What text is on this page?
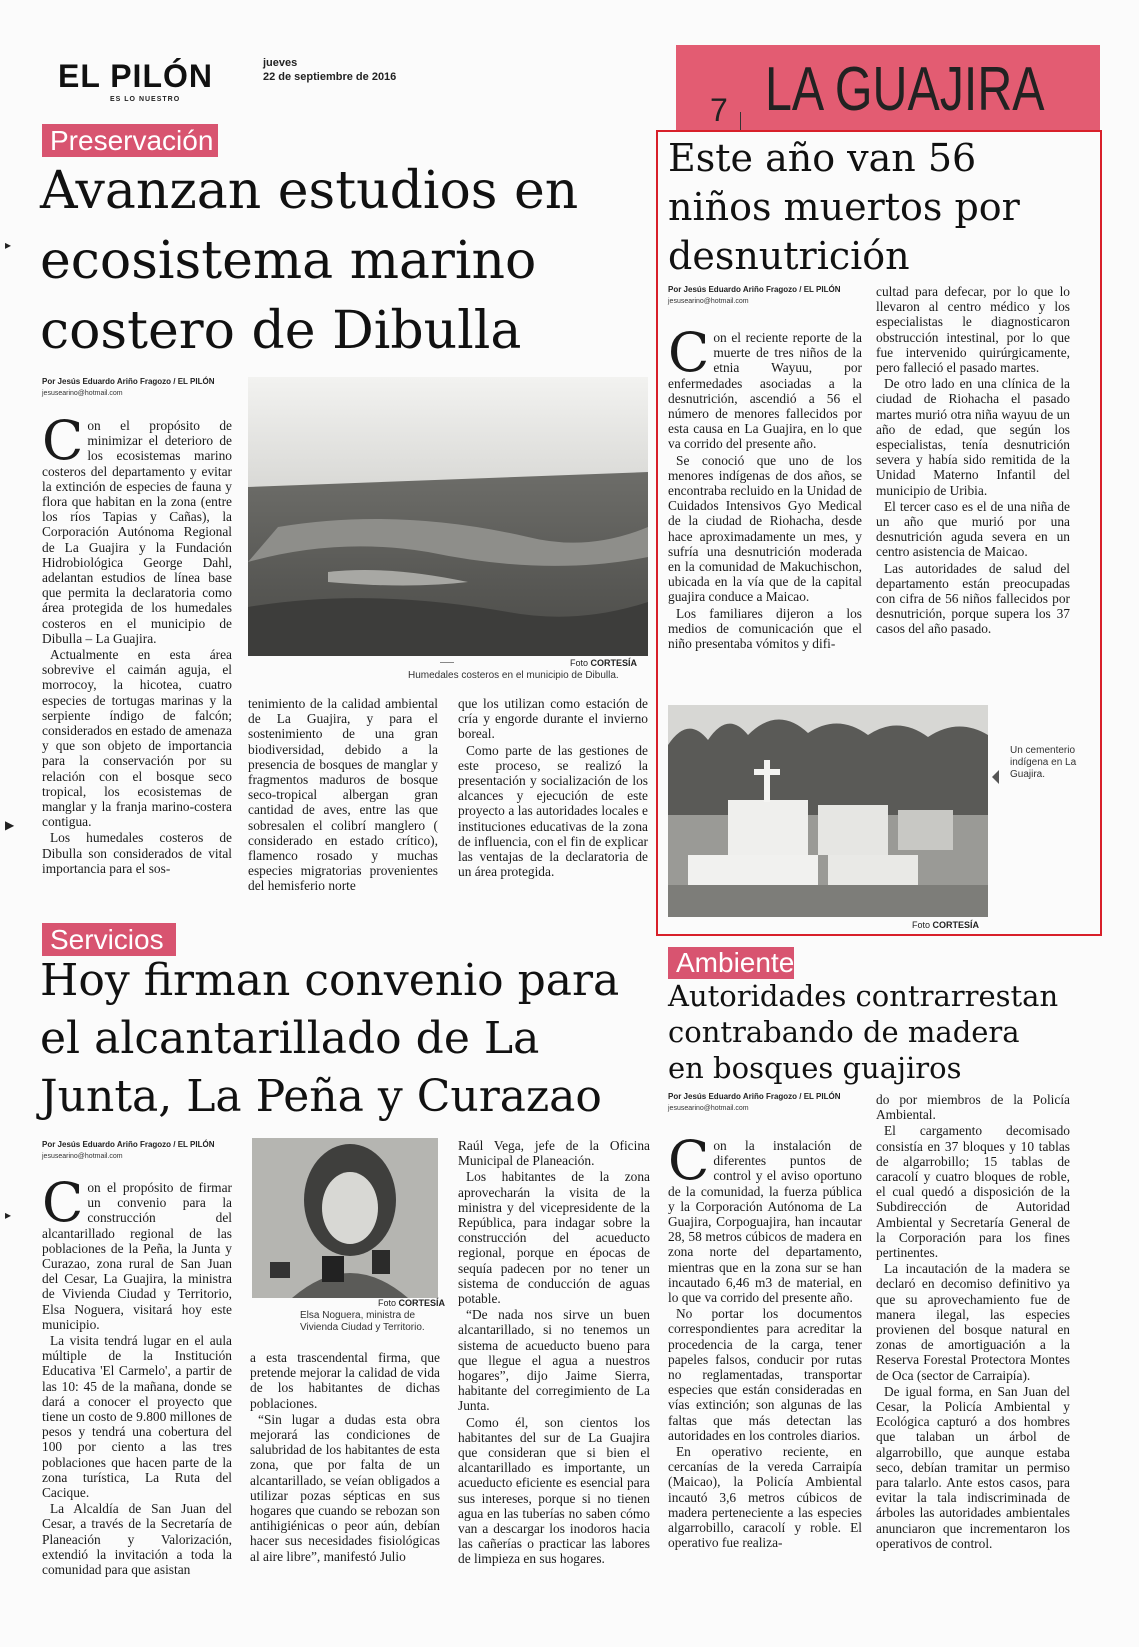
EL PILÓN
ES LO NUESTRO
jueves
22 de septiembre de 2016
7 LA GUAJIRA
Preservación
Avanzan estudios en
ecosistema marino
costero de Dibulla
Por Jesús Eduardo Ariño Fragozo / EL PILÓN
jesusearino@hotmail.com

Con el propósito de minimizar el deterioro de los ecosistemas marino costeros del departamento y evitar la extinción de especies de fauna y flora que habitan en la zona (entre los ríos Tapias y Cañas), la Corporación Autónoma Regional de La Guajira y la Fundación Hidrobiológica George Dahl, adelantan estudios de línea base que permita la declaratoria como área protegida de los humedales costeros en el municipio de Dibulla – La Guajira.

Actualmente en esta área sobrevive el caimán aguja, el morrocoy, la hicotea, cuatro especies de tortugas marinas y la serpiente índigo de falcón; considerados en estado de amenaza y que son objeto de importancia para la conservación por su relación con el bosque seco tropical, los ecosistemas de manglar y la franja marino-costera contigua.

Los humedales costeros de Dibulla son considerados de vital importancia para el sos-

Foto CORTESÍA
Humedales costeros en el municipio de Dibulla.

tenimiento de la calidad ambiental de La Guajira, y para el sostenimiento de una gran biodiversidad, debido a la presencia de bosques de manglar y fragmentos maduros de bosque seco-tropical albergan gran cantidad de aves, entre las que sobresalen el colibrí manglero ( considerado en estado crítico), flamenco rosado y muchas especies migratorias provenientes del hemisferio norte

que los utilizan como estación de cría y engorde durante el invierno boreal.

Como parte de las gestiones de este proceso, se realizó la presentación y socialización de los alcances y ejecución de este proyecto a las autoridades locales e instituciones educativas de la zona de influencia, con el fin de explicar las ventajas de la declaratoria de un área protegida.

Este año van 56
niños muertos por
desnutrición
Por Jesús Eduardo Ariño Fragozo / EL PILÓN
jesusearino@hotmail.com

Con el reciente reporte de la muerte de tres niños de la etnia Wayuu, por enfermedades asociadas a la desnutrición, ascendió a 56 el número de menores fallecidos por esta causa en La Guajira, en lo que va corrido del presente año.

Se conoció que uno de los menores indígenas de dos años, se encontraba recluido en la Unidad de Cuidados Intensivos Gyo Medical de la ciudad de Riohacha, desde hace aproximadamente un mes, y sufría una desnutrición moderada en la comunidad de Makuchischon, ubicada en la vía que de la capital guajira conduce a Maicao.

Los familiares dijeron a los medios de comunicación que el niño presentaba vómitos y difi-

cultad para defecar, por lo que lo llevaron al centro médico y los especialistas le diagnosticaron obstrucción intestinal, por lo que fue intervenido quirúrgicamente, pero falleció el pasado martes.

De otro lado en una clínica de la ciudad de Riohacha el pasado martes murió otra niña wayuu de un año de edad, que según los especialistas, tenía desnutrición severa y había sido remitida de la Unidad Materno Infantil del municipio de Uribia.

El tercer caso es el de una niña de un año que murió por una desnutrición aguda severa en un centro asistencia de Maicao.

Las autoridades de salud del departamento están preocupadas con cifra de 56 niños fallecidos por desnutrición, porque supera los 37 casos del año pasado.

Un cementerio indígena en La Guajira.
Foto CORTESÍA
Servicios
Hoy firman convenio para
el alcantarillado de La
Junta, La Peña y Curazao
Por Jesús Eduardo Ariño Fragozo / EL PILÓN
jesusearino@hotmail.com

Con el propósito de firmar un convenio para la construcción del alcantarillado regional de las poblaciones de la Peña, la Junta y Curazao, zona rural de San Juan del Cesar, La Guajira, la ministra de Vivienda Ciudad y Territorio, Elsa Noguera, visitará hoy este municipio.

La visita tendrá lugar en el aula múltiple de la Institución Educativa 'El Carmelo', a partir de las 10: 45 de la mañana, donde se dará a conocer el proyecto que tiene un costo de 9.800 millones de pesos y tendrá una cobertura del 100 por ciento a las tres poblaciones que hacen parte de la zona turística, La Ruta del Cacique.

La Alcaldía de San Juan del Cesar, a través de la Secretaría de Planeación y Valorización, extendió la invitación a toda la comunidad para que asistan

Foto CORTESÍA
Elsa Noguera, ministra de Vivienda Ciudad y Territorio.

a esta trascendental firma, que pretende mejorar la calidad de vida de los habitantes de dichas poblaciones.

“Sin lugar a dudas esta obra mejorará las condiciones de salubridad de los habitantes de esta zona, que por falta de un alcantarillado, se veían obligados a utilizar pozas sépticas en sus hogares que cuando se rebozan son antihigiénicas o peor aún, debían hacer sus necesidades fisiológicas al aire libre”, manifestó Julio

Raúl Vega, jefe de la Oficina Municipal de Planeación.

Los habitantes de la zona aprovecharán la visita de la ministra y del vicepresidente de la República, para indagar sobre la construcción del acueducto regional, porque en épocas de sequía padecen por no tener un sistema de conducción de aguas potable.

“De nada nos sirve un buen alcantarillado, si no tenemos un sistema de acueducto bueno para que llegue el agua a nuestros hogares”, dijo Jaime Sierra, habitante del corregimiento de La Junta.

Como él, son cientos los habitantes del sur de La Guajira que consideran que si bien el alcantarillado es importante, un acueducto eficiente es esencial para sus intereses, porque si no tienen agua en las tuberías no saben cómo van a descargar los inodoros hacia las cañerías o practicar las labores de limpieza en sus hogares.

Ambiente
Autoridades contrarrestan
contrabando de madera
en bosques guajiros
Por Jesús Eduardo Ariño Fragozo / EL PILÓN
jesusearino@hotmail.com

Con la instalación de diferentes puntos de control y el aviso oportuno de la comunidad, la fuerza pública y la Corporación Autónoma de La Guajira, Corpoguajira, han incautar 28, 58 metros cúbicos de madera en zona norte del departamento, mientras que en la zona sur se han incautado 6,46 m3 de material, en lo que va corrido del presente año.

No portar los documentos correspondientes para acreditar la procedencia de la carga, tener papeles falsos, conducir por rutas no reglamentadas, transportar especies que están consideradas en vías extinción; son algunas de las faltas que más detectan las autoridades en los controles diarios.

En operativo reciente, en cercanías de la vereda Carraipía (Maicao), la Policía Ambiental incautó 3,6 metros cúbicos de madera perteneciente a las especies algarrobillo, caracolí y roble. El operativo fue realiza-

do por miembros de la Policía Ambiental.

El cargamento decomisado consistía en 37 bloques y 10 tablas de algarrobillo; 15 tablas de caracolí y cuatro bloques de roble, el cual quedó a disposición de la Subdirección de Autoridad Ambiental y Secretaría General de la Corporación para los fines pertinentes.

La incautación de la madera se declaró en decomiso definitivo ya que su aprovechamiento fue de manera ilegal, las especies provienen del bosque natural en zonas de amortiguación a la Reserva Forestal Protectora Montes de Oca (sector de Carraipía).

De igual forma, en San Juan del Cesar, la Policía Ambiental y Ecológica capturó a dos hombres que talaban un árbol de algarrobillo, que aunque estaba seco, debían tramitar un permiso para talarlo. Ante estos casos, para evitar la tala indiscriminada de árboles las autoridades ambientales anunciaron que incrementaron los operativos de control.

▸
▶
▸
